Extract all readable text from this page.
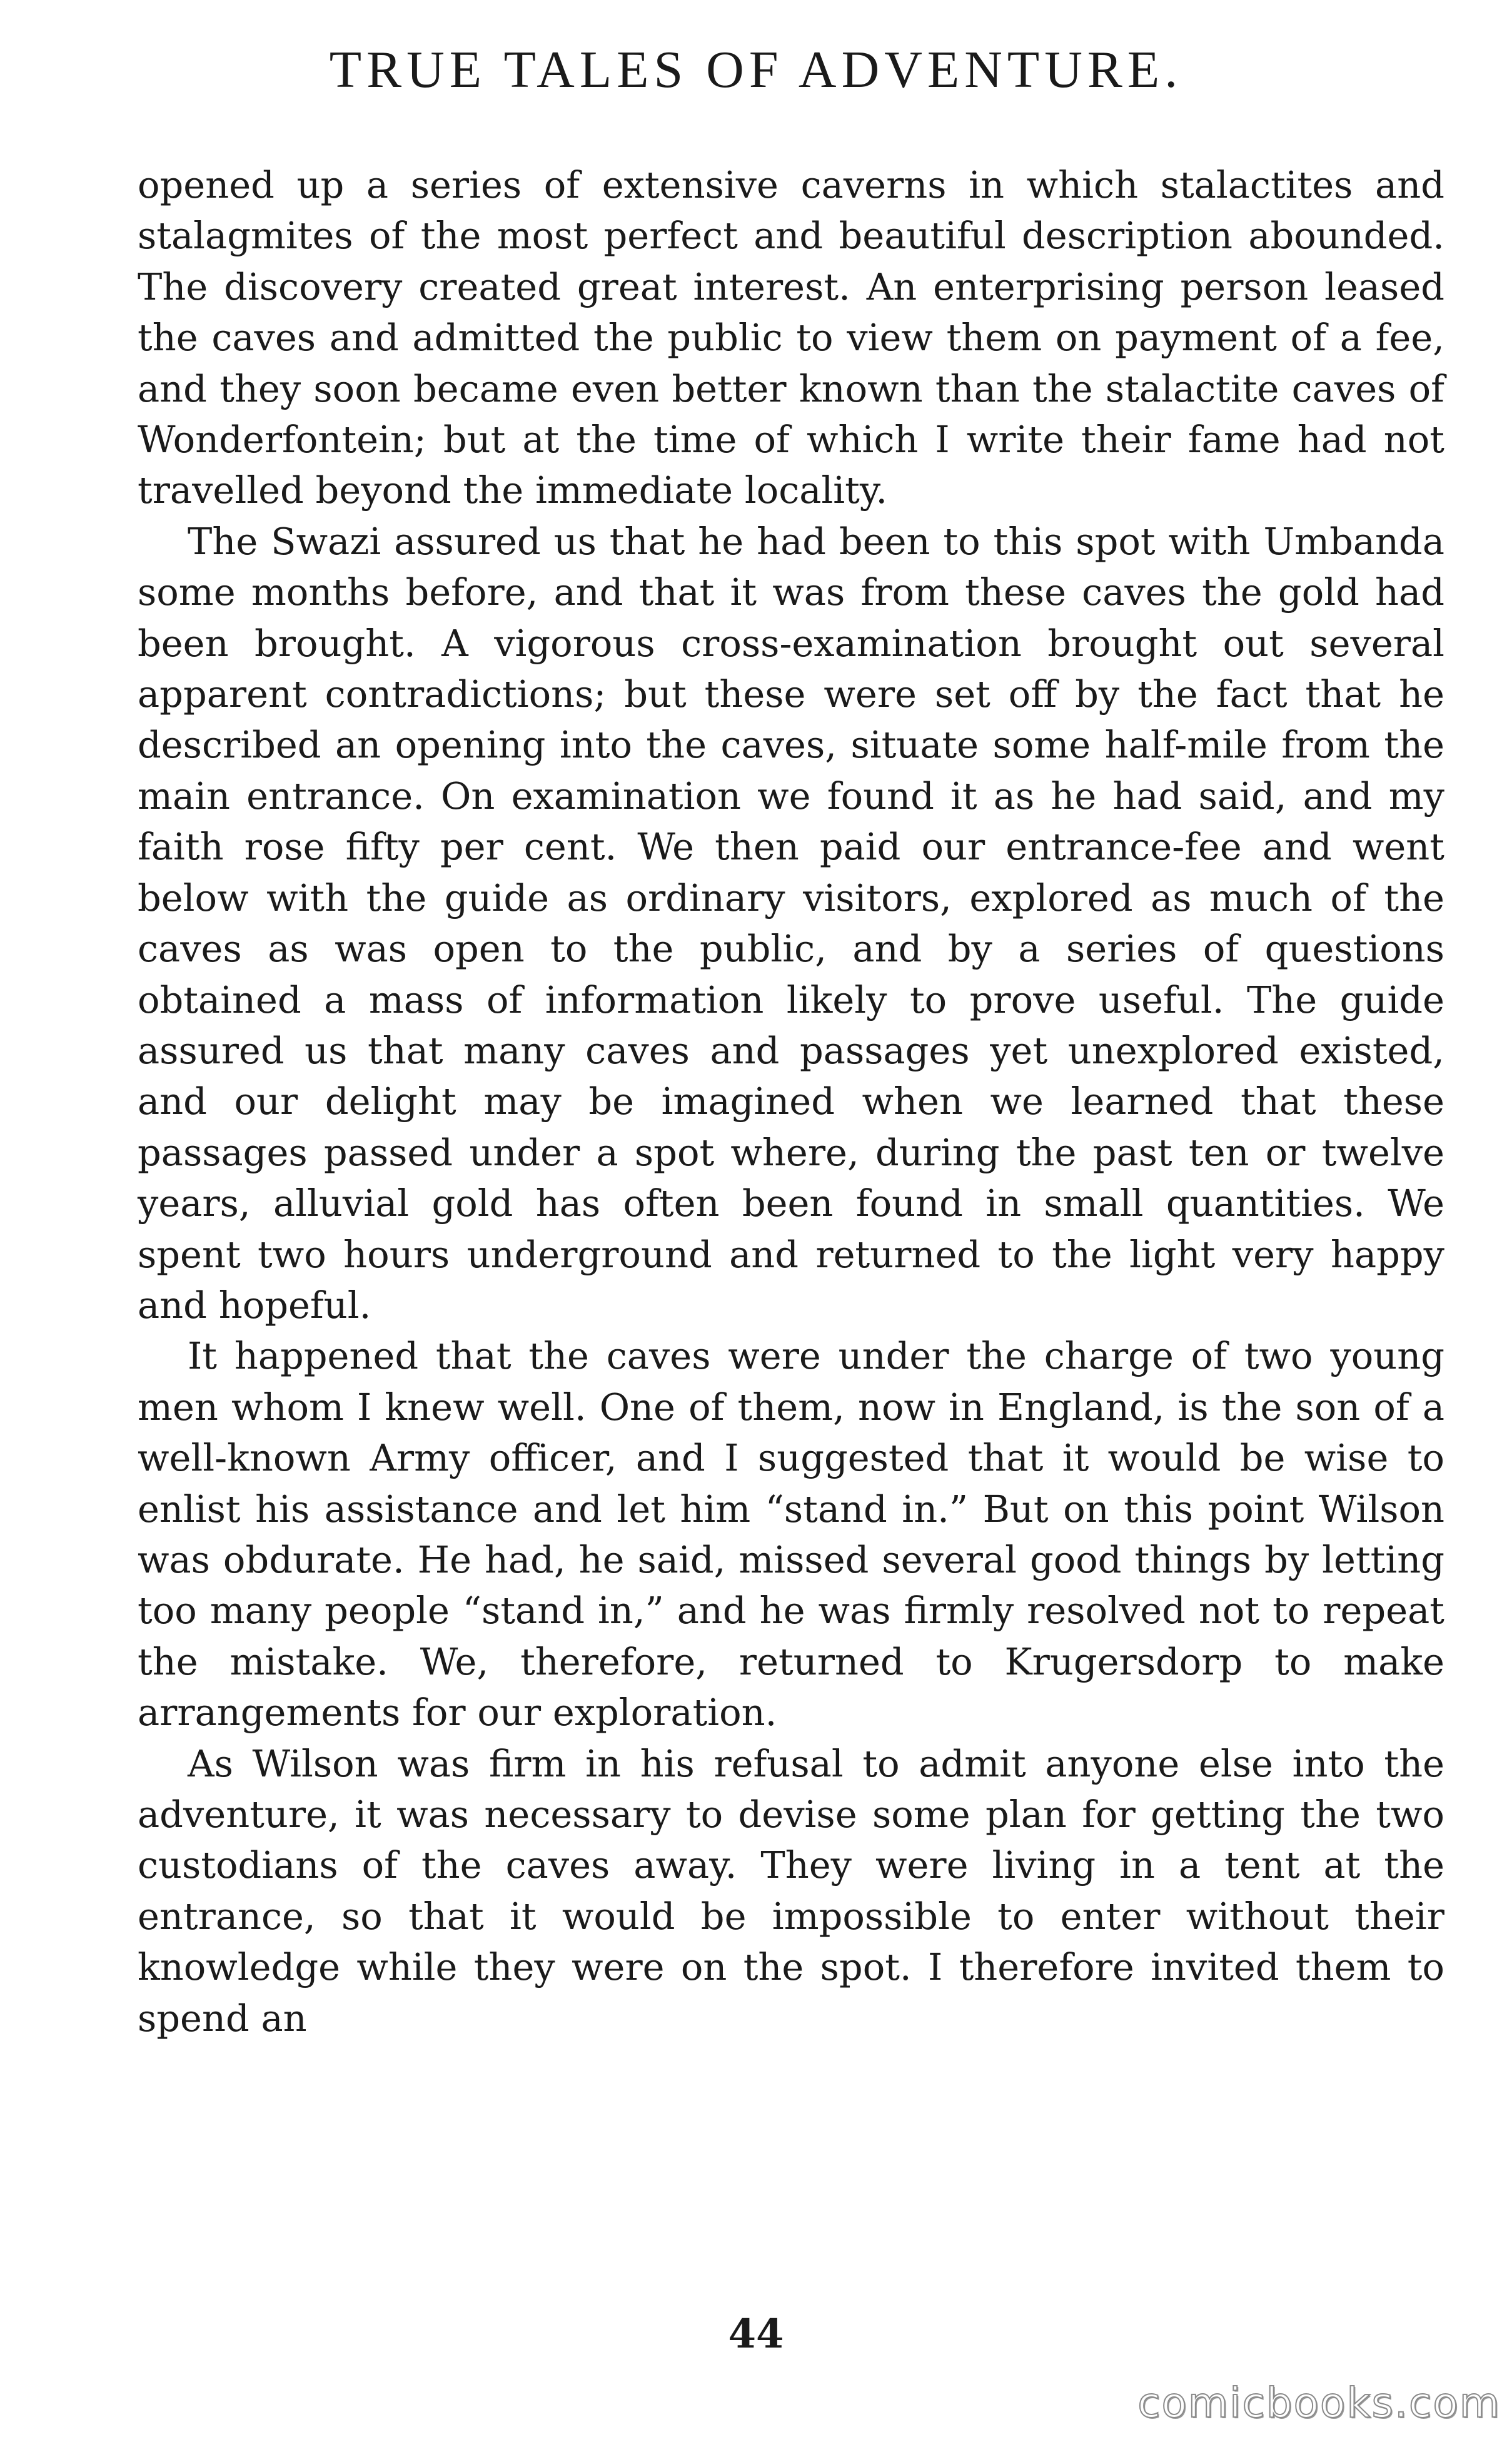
TRUE TALES OF ADVENTURE.

opened up a series of extensive caverns in which stalactites and stalagmites of the most perfect and beautiful description abounded. The discovery created great interest. An enterprising person leased the caves and admitted the public to view them on payment of a fee, and they soon became even better known than the stalactite caves of Wonderfontein; but at the time of which I write their fame had not travelled beyond the immediate locality.

The Swazi assured us that he had been to this spot with Umbanda some months before, and that it was from these caves the gold had been brought. A vigorous cross-examination brought out several apparent contradictions; but these were set off by the fact that he described an opening into the caves, situate some half-mile from the main entrance. On examination we found it as he had said, and my faith rose fifty per cent. We then paid our entrance-fee and went below with the guide as ordinary visitors, explored as much of the caves as was open to the public, and by a series of questions obtained a mass of information likely to prove useful. The guide assured us that many caves and passages yet unexplored existed, and our delight may be imagined when we learned that these passages passed under a spot where, during the past ten or twelve years, alluvial gold has often been found in small quantities. We spent two hours underground and returned to the light very happy and hopeful.

It happened that the caves were under the charge of two young men whom I knew well. One of them, now in England, is the son of a well-known Army officer, and I suggested that it would be wise to enlist his assistance and let him “stand in.” But on this point Wilson was obdurate. He had, he said, missed several good things by letting too many people “stand in,” and he was firmly resolved not to repeat the mistake. We, therefore, returned to Krugersdorp to make arrangements for our exploration.

As Wilson was firm in his refusal to admit anyone else into the adventure, it was necessary to devise some plan for getting the two custodians of the caves away. They were living in a tent at the entrance, so that it would be impossible to enter without their knowledge while they were on the spot. I therefore invited them to spend an

44
comicbooks.com
